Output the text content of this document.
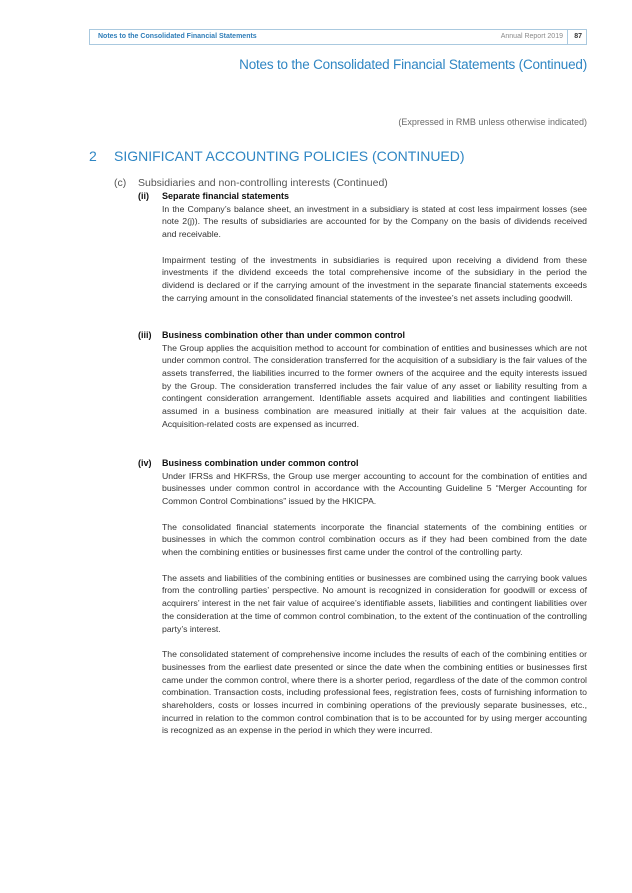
Notes to the Consolidated Financial Statements	Annual Report 2019 87
Notes to the Consolidated Financial Statements (Continued)
(Expressed in RMB unless otherwise indicated)
2 SIGNIFICANT ACCOUNTING POLICIES (CONTINUED)
(c) Subsidiaries and non-controlling interests (Continued)
(ii)	Separate financial statements

In the Company’s balance sheet, an investment in a subsidiary is stated at cost less impairment losses (see note 2(j)). The results of subsidiaries are accounted for by the Company on the basis of dividends received and receivable.

Impairment testing of the investments in subsidiaries is required upon receiving a dividend from these investments if the dividend exceeds the total comprehensive income of the subsidiary in the period the dividend is declared or if the carrying amount of the investment in the separate financial statements exceeds the carrying amount in the consolidated financial statements of the investee’s net assets including goodwill.

(iii)	Business combination other than under common control

The Group applies the acquisition method to account for combination of entities and businesses which are not under common control. The consideration transferred for the acquisition of a subsidiary is the fair values of the assets transferred, the liabilities incurred to the former owners of the acquiree and the equity interests issued by the Group. The consideration transferred includes the fair value of any asset or liability resulting from a contingent consideration arrangement. Identifiable assets acquired and liabilities and contingent liabilities assumed in a business combination are measured initially at their fair values at the acquisition date. Acquisition-related costs are expensed as incurred.

(iv)	Business combination under common control

Under IFRSs and HKFRSs, the Group use merger accounting to account for the combination of entities and businesses under common control in accordance with the Accounting Guideline 5 “Merger Accounting for Common Control Combinations” issued by the HKICPA.

The consolidated financial statements incorporate the financial statements of the combining entities or businesses in which the common control combination occurs as if they had been combined from the date when the combining entities or businesses first came under the control of the controlling party.

The assets and liabilities of the combining entities or businesses are combined using the carrying book values from the controlling parties’ perspective. No amount is recognized in consideration for goodwill or excess of acquirers’ interest in the net fair value of acquiree’s identifiable assets, liabilities and contingent liabilities over the consideration at the time of common control combination, to the extent of the continuation of the controlling party’s interest.

The consolidated statement of comprehensive income includes the results of each of the combining entities or businesses from the earliest date presented or since the date when the combining entities or businesses first came under the common control, where there is a shorter period, regardless of the date of the common control combination. Transaction costs, including professional fees, registration fees, costs of furnishing information to shareholders, costs or losses incurred in combining operations of the previously separate businesses, etc., incurred in relation to the common control combination that is to be accounted for by using merger accounting is recognized as an expense in the period in which they were incurred.
